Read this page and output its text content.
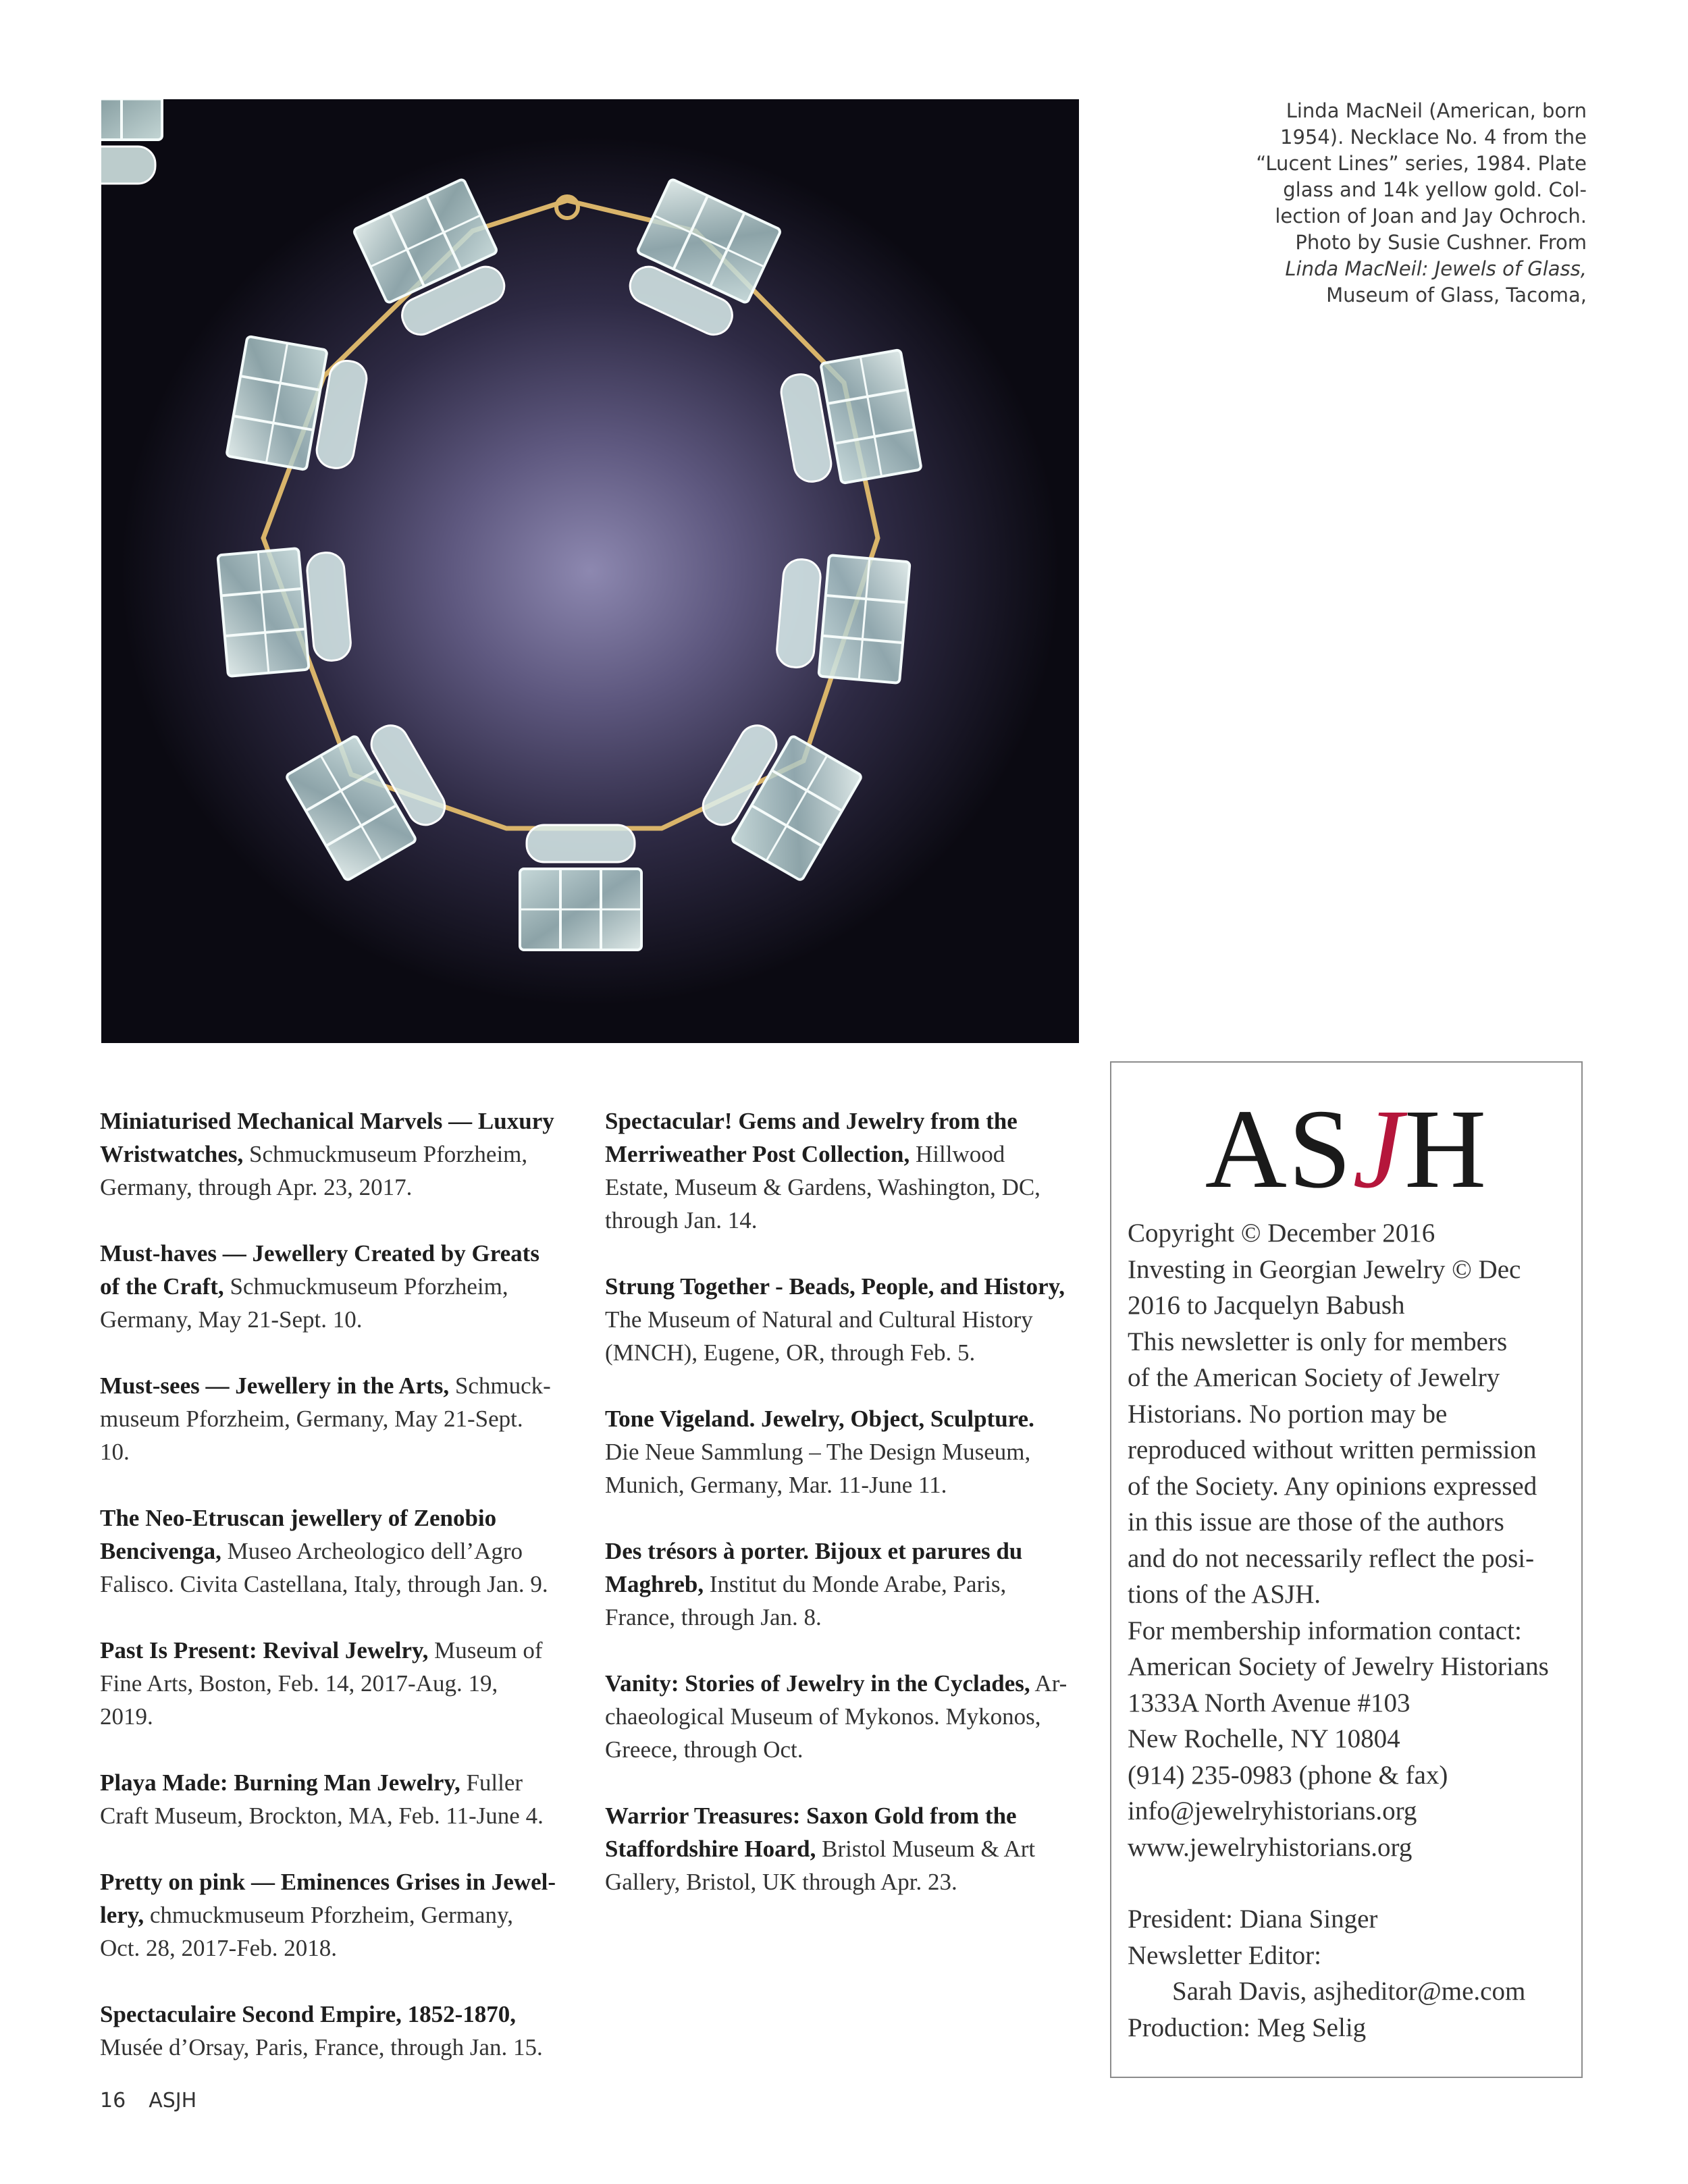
Linda MacNeil (American, born
1954). Necklace No. 4 from the
“Lucent Lines” series, 1984. Plate
glass and 14k yellow gold. Col-
lection of Joan and Jay Ochroch.
Photo by Susie Cushner. From
Linda MacNeil: Jewels of Glass,
Museum of Glass, Tacoma,
Miniaturised Mechanical Marvels — Luxury
Wristwatches, Schmuckmuseum Pforzheim,
Germany, through Apr. 23, 2017.
Must-haves — Jewellery Created by Greats
of the Craft, Schmuckmuseum Pforzheim,
Germany, May 21-Sept. 10.
Must-sees — Jewellery in the Arts, Schmuck-
museum Pforzheim, Germany, May 21-Sept.
10.
The Neo-Etruscan jewellery of Zenobio
Bencivenga, Museo Archeologico dell’Agro
Falisco. Civita Castellana, Italy, through Jan. 9.
Past Is Present: Revival Jewelry, Museum of
Fine Arts, Boston, Feb. 14, 2017-Aug. 19,
2019.
Playa Made: Burning Man Jewelry, Fuller
Craft Museum, Brockton, MA, Feb. 11-June 4.
Pretty on pink — Eminences Grises in Jewel-
lery, chmuckmuseum Pforzheim, Germany,
Oct. 28, 2017-Feb. 2018.
Spectaculaire Second Empire, 1852-1870,
Musée d’Orsay, Paris, France, through Jan. 15.
Spectacular! Gems and Jewelry from the
Merriweather Post Collection, Hillwood
Estate, Museum & Gardens, Washington, DC,
through Jan. 14.
Strung Together - Beads, People, and History,
The Museum of Natural and Cultural History
(MNCH), Eugene, OR, through Feb. 5.
Tone Vigeland. Jewelry, Object, Sculpture.
Die Neue Sammlung – The Design Museum,
Munich, Germany, Mar. 11-June 11.
Des trésors à porter. Bijoux et parures du
Maghreb, Institut du Monde Arabe, Paris,
France, through Jan. 8.
Vanity: Stories of Jewelry in the Cyclades, Ar-
chaeological Museum of Mykonos. Mykonos,
Greece, through Oct.
Warrior Treasures: Saxon Gold from the
Staffordshire Hoard, Bristol Museum & Art
Gallery, Bristol, UK through Apr. 23.
ASJH
Copyright © December 2016
Investing in Georgian Jewelry © Dec
2016 to Jacquelyn Babush
This newsletter is only for members
of the American Society of Jewelry
Historians. No portion may be
reproduced without written permission
of the Society. Any opinions expressed
in this issue are those of the authors
and do not necessarily reflect the posi-
tions of the ASJH.
For membership information contact:
American Society of Jewelry Historians
1333A North Avenue #103
New Rochelle, NY 10804
(914) 235-0983 (phone & fax)
info@jewelryhistorians.org
www.jewelryhistorians.org
President: Diana Singer
Newsletter Editor:
Sarah Davis, asjheditor@me.com
Production: Meg Selig
16 ASJH
